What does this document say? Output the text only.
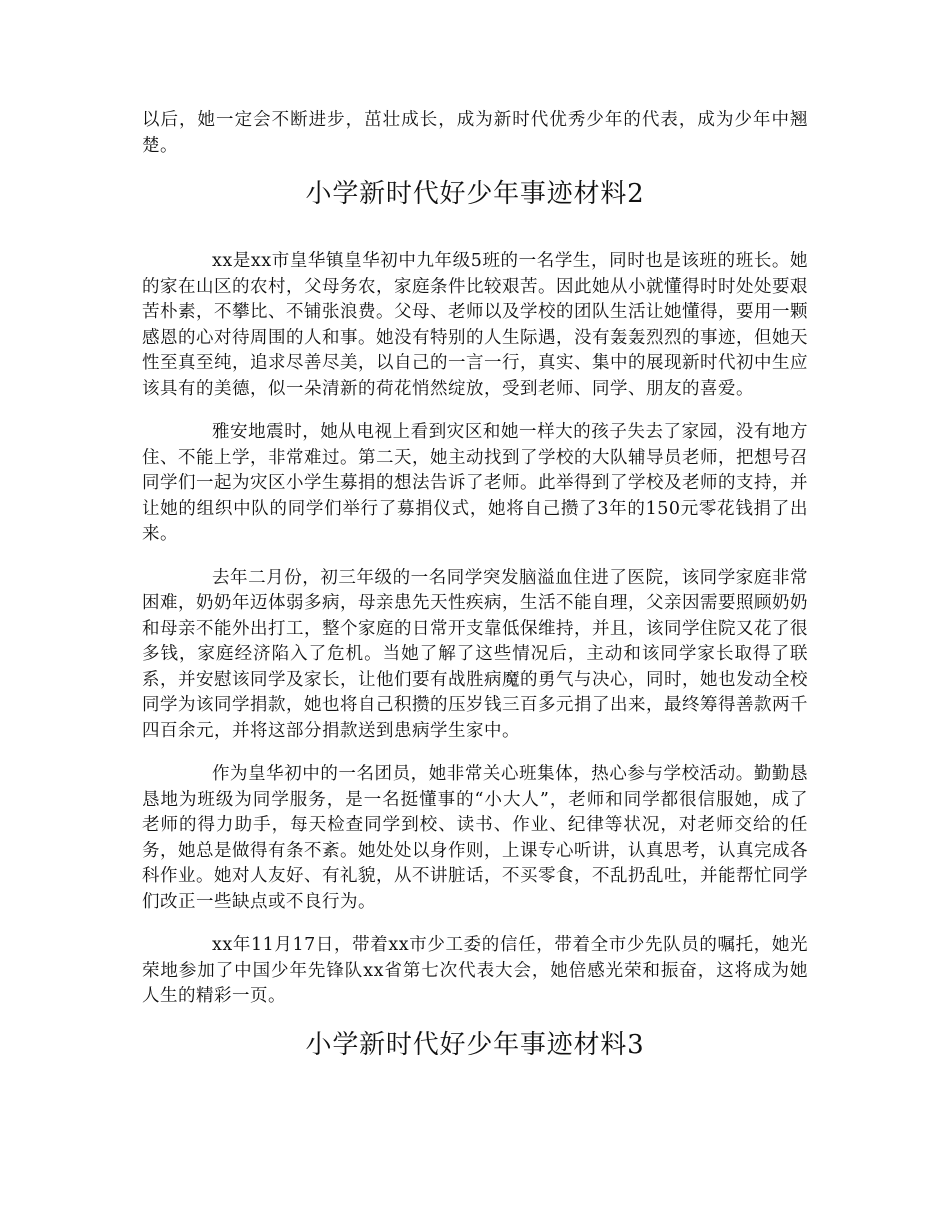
以后，她一定会不断进步，茁壮成长，成为新时代优秀少年的代表，成为少年中翘楚。

小学新时代好少年事迹材料2

xx是xx市皇华镇皇华初中九年级5班的一名学生，同时也是该班的班长。她的家在山区的农村，父母务农，家庭条件比较艰苦。因此她从小就懂得时时处处要艰苦朴素，不攀比、不铺张浪费。父母、老师以及学校的团队生活让她懂得，要用一颗感恩的心对待周围的人和事。她没有特别的人生际遇，没有轰轰烈烈的事迹，但她天性至真至纯，追求尽善尽美，以自己的一言一行，真实、集中的展现新时代初中生应该具有的美德，似一朵清新的荷花悄然绽放，受到老师、同学、朋友的喜爱。

雅安地震时，她从电视上看到灾区和她一样大的孩子失去了家园，没有地方住、不能上学，非常难过。第二天，她主动找到了学校的大队辅导员老师，把想号召同学们一起为灾区小学生募捐的想法告诉了老师。此举得到了学校及老师的支持，并让她的组织中队的同学们举行了募捐仪式，她将自己攒了3年的150元零花钱捐了出来。

去年二月份，初三年级的一名同学突发脑溢血住进了医院，该同学家庭非常困难，奶奶年迈体弱多病，母亲患先天性疾病，生活不能自理，父亲因需要照顾奶奶和母亲不能外出打工，整个家庭的日常开支靠低保维持，并且，该同学住院又花了很多钱，家庭经济陷入了危机。当她了解了这些情况后，主动和该同学家长取得了联系，并安慰该同学及家长，让他们要有战胜病魔的勇气与决心，同时，她也发动全校同学为该同学捐款，她也将自己积攒的压岁钱三百多元捐了出来，最终筹得善款两千四百余元，并将这部分捐款送到患病学生家中。

作为皇华初中的一名团员，她非常关心班集体，热心参与学校活动。勤勤恳恳地为班级为同学服务，是一名挺懂事的“小大人”，老师和同学都很信服她，成了老师的得力助手，每天检查同学到校、读书、作业、纪律等状况，对老师交给的任务，她总是做得有条不紊。她处处以身作则，上课专心听讲，认真思考，认真完成各科作业。她对人友好、有礼貌，从不讲脏话，不买零食，不乱扔乱吐，并能帮忙同学们改正一些缺点或不良行为。

xx年11月17日，带着xx市少工委的信任，带着全市少先队员的嘱托，她光荣地参加了中国少年先锋队xx省第七次代表大会，她倍感光荣和振奋，这将成为她人生的精彩一页。

小学新时代好少年事迹材料3
